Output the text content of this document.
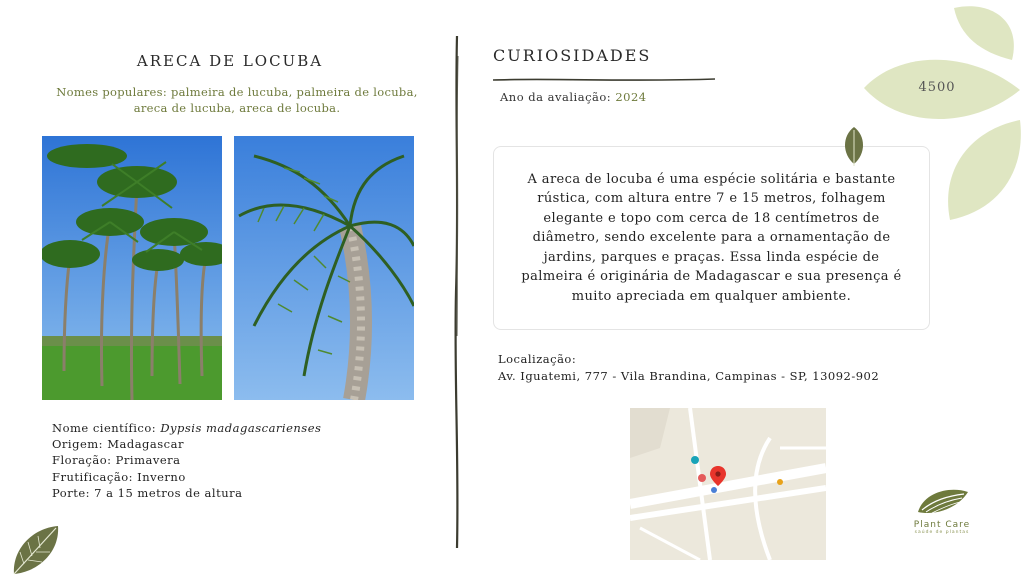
ARECA DE LOCUBA
Nomes populares: palmeira de lucuba, palmeira de locuba, areca de lucuba, areca de locuba.
Nome científico: Dypsis madagascarienses
Origem: Madagascar
Floração: Primavera
Frutificação: Inverno
Porte: 7 a 15 metros de altura
CURIOSIDADES
Ano da avaliação: 2024

A areca de locuba é uma espécie solitária e bastante rústica, com altura entre 7 e 15 metros, folhagem elegante e topo com cerca de 18 centímetros de diâmetro, sendo excelente para a ornamentação de jardins, parques e praças. Essa linda espécie de palmeira é originária de Madagascar e sua presença é muito apreciada em qualquer ambiente.

Localização:
Av. Iguatemi, 777 - Vila Brandina, Campinas - SP, 13092-902
4500
Plant Care
saúde de plantas
